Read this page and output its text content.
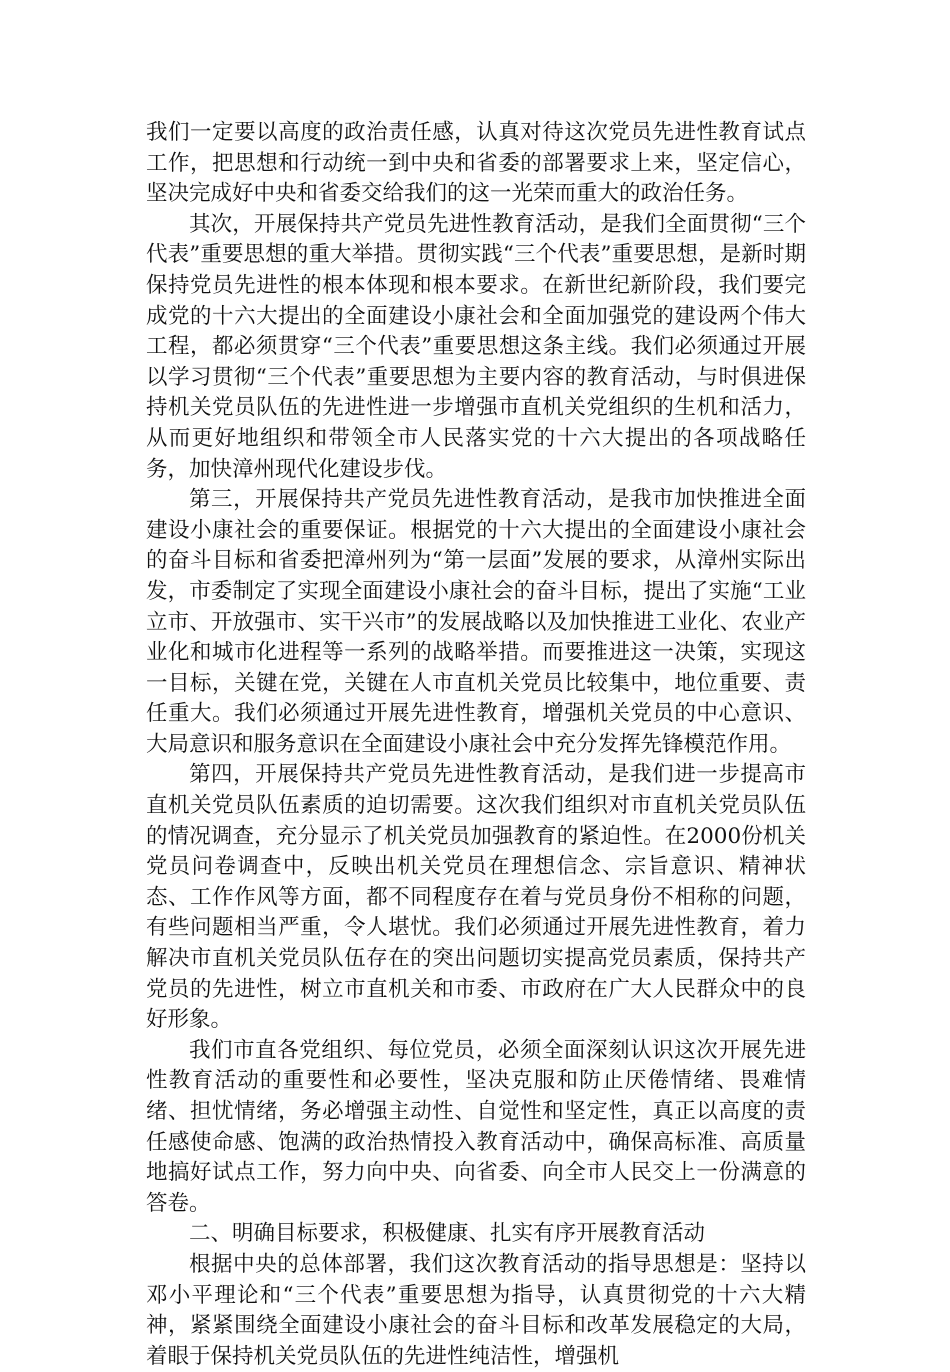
我们一定要以高度的政治责任感，认真对待这次党员先进性教育试点工作，把思想和行动统一到中央和省委的部署要求上来，坚定信心，坚决完成好中央和省委交给我们的这一光荣而重大的政治任务。

其次，开展保持共产党员先进性教育活动，是我们全面贯彻“三个代表”重要思想的重大举措。贯彻实践“三个代表”重要思想，是新时期保持党员先进性的根本体现和根本要求。在新世纪新阶段，我们要完成党的十六大提出的全面建设小康社会和全面加强党的建设两个伟大工程，都必须贯穿“三个代表”重要思想这条主线。我们必须通过开展以学习贯彻“三个代表”重要思想为主要内容的教育活动，与时俱进保持机关党员队伍的先进性进一步增强市直机关党组织的生机和活力，从而更好地组织和带领全市人民落实党的十六大提出的各项战略任务，加快漳州现代化建设步伐。

第三，开展保持共产党员先进性教育活动，是我市加快推进全面建设小康社会的重要保证。根据党的十六大提出的全面建设小康社会的奋斗目标和省委把漳州列为“第一层面”发展的要求，从漳州实际出发，市委制定了实现全面建设小康社会的奋斗目标，提出了实施“工业立市、开放强市、实干兴市”的发展战略以及加快推进工业化、农业产业化和城市化进程等一系列的战略举措。而要推进这一决策，实现这一目标，关键在党，关键在人市直机关党员比较集中，地位重要、责任重大。我们必须通过开展先进性教育，增强机关党员的中心意识、大局意识和服务意识在全面建设小康社会中充分发挥先锋模范作用。

第四，开展保持共产党员先进性教育活动，是我们进一步提高市直机关党员队伍素质的迫切需要。这次我们组织对市直机关党员队伍的情况调查，充分显示了机关党员加强教育的紧迫性。在2000份机关党员问卷调查中，反映出机关党员在理想信念、宗旨意识、精神状态、工作作风等方面，都不同程度存在着与党员身份不相称的问题，有些问题相当严重，令人堪忧。我们必须通过开展先进性教育，着力解决市直机关党员队伍存在的突出问题切实提高党员素质，保持共产党员的先进性，树立市直机关和市委、市政府在广大人民群众中的良好形象。

我们市直各党组织、每位党员，必须全面深刻认识这次开展先进性教育活动的重要性和必要性，坚决克服和防止厌倦情绪、畏难情绪、担忧情绪，务必增强主动性、自觉性和坚定性，真正以高度的责任感使命感、饱满的政治热情投入教育活动中，确保高标准、高质量地搞好试点工作，努力向中央、向省委、向全市人民交上一份满意的答卷。

二、明确目标要求，积极健康、扎实有序开展教育活动

根据中央的总体部署，我们这次教育活动的指导思想是：坚持以邓小平理论和“三个代表”重要思想为指导，认真贯彻党的十六大精神，紧紧围绕全面建设小康社会的奋斗目标和改革发展稳定的大局，着眼于保持机关党员队伍的先进性纯洁性，增强机
